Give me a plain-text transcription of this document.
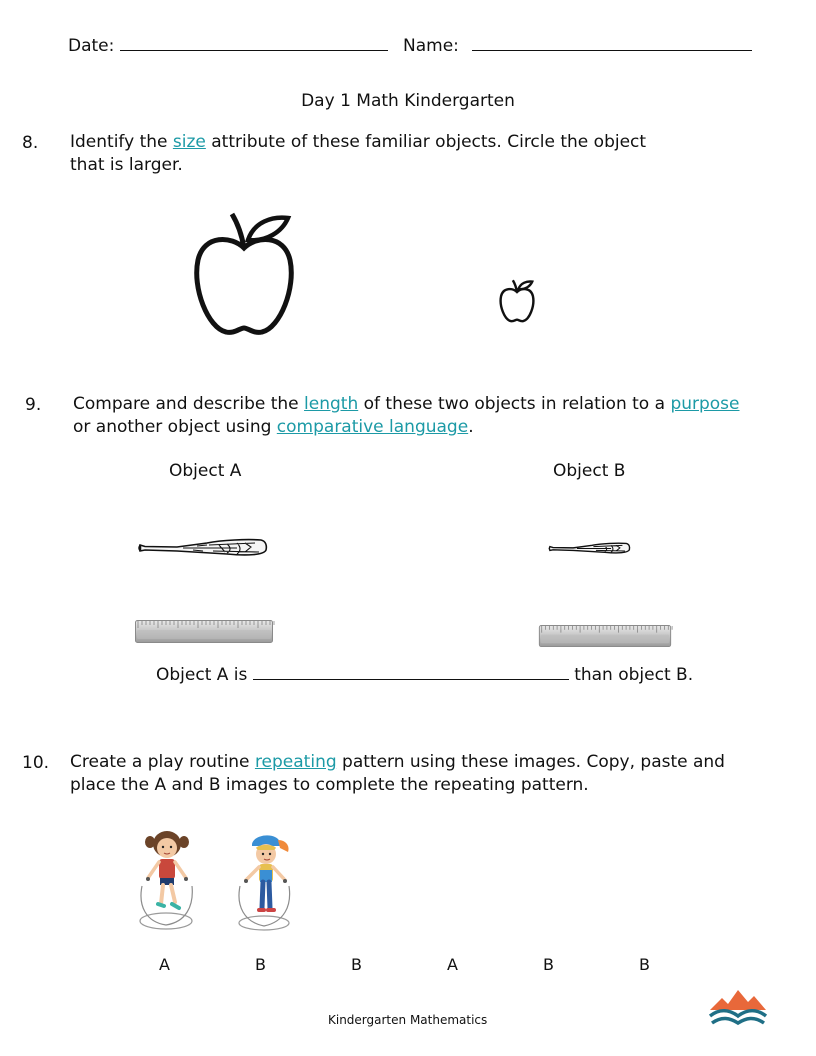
Date:	Name:
Day 1 Math Kindergarten
8. Identify the size attribute of these familiar objects. Circle the object
that is larger.
9. Compare and describe the length of these two objects in relation to a purpose
or another object using comparative language.
Object A	Object B
Object A is	than object B.
10. Create a play routine repeating pattern using these images. Copy, paste and
place the A and B images to complete the repeating pattern.
A	B	B	A	B	B
Kindergarten Mathematics
